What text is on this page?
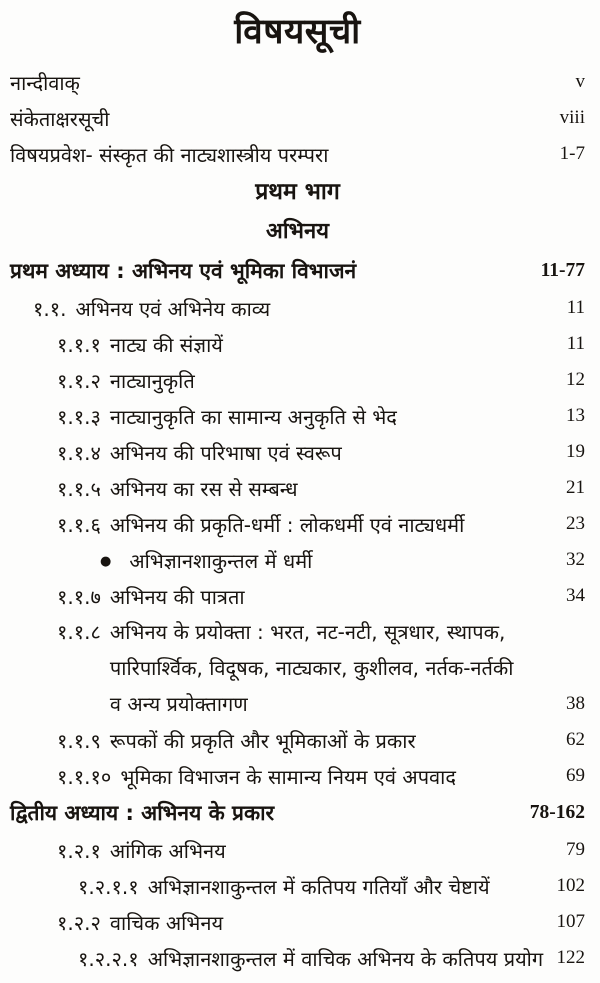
विषयसूची
नान्दीवाक्	v
संकेताक्षरसूची	viii
विषयप्रवेश- संस्कृत की नाट्यशास्त्रीय परम्परा	1-7
प्रथम भाग
अभिनय
प्रथम अध्याय : अभिनय एवं भूमिका विभाजनं	11-77
१.१. अभिनय एवं अभिनेय काव्य	11
१.१.१ नाट्य की संज्ञायें	11
१.१.२ नाट्यानुकृति	12
१.१.३ नाट्यानुकृति का सामान्य अनुकृति से भेद	13
१.१.४ अभिनय की परिभाषा एवं स्वरूप	19
१.१.५ अभिनय का रस से सम्बन्ध	21
१.१.६ अभिनय की प्रकृति-धर्मी : लोकधर्मी एवं नाट्यधर्मी	23
● अभिज्ञानशाकुन्तल में धर्मी	32
१.१.७ अभिनय की पात्रता	34
१.१.८ अभिनय के प्रयोक्ता : भरत, नट-नटी, सूत्रधार, स्थापक,
पारिपार्श्विक, विदूषक, नाट्यकार, कुशीलव, नर्तक-नर्तकी
व अन्य प्रयोक्तागण	38
१.१.९ रूपकों की प्रकृति और भूमिकाओं के प्रकार	62
१.१.१० भूमिका विभाजन के सामान्य नियम एवं अपवाद	69
द्वितीय अध्याय : अभिनय के प्रकार	78-162
१.२.१ आंगिक अभिनय	79
१.२.१.१ अभिज्ञानशाकुन्तल में कतिपय गतियाँ और चेष्टायें	102
१.२.२ वाचिक अभिनय	107
१.२.२.१ अभिज्ञानशाकुन्तल में वाचिक अभिनय के कतिपय प्रयोग 122
